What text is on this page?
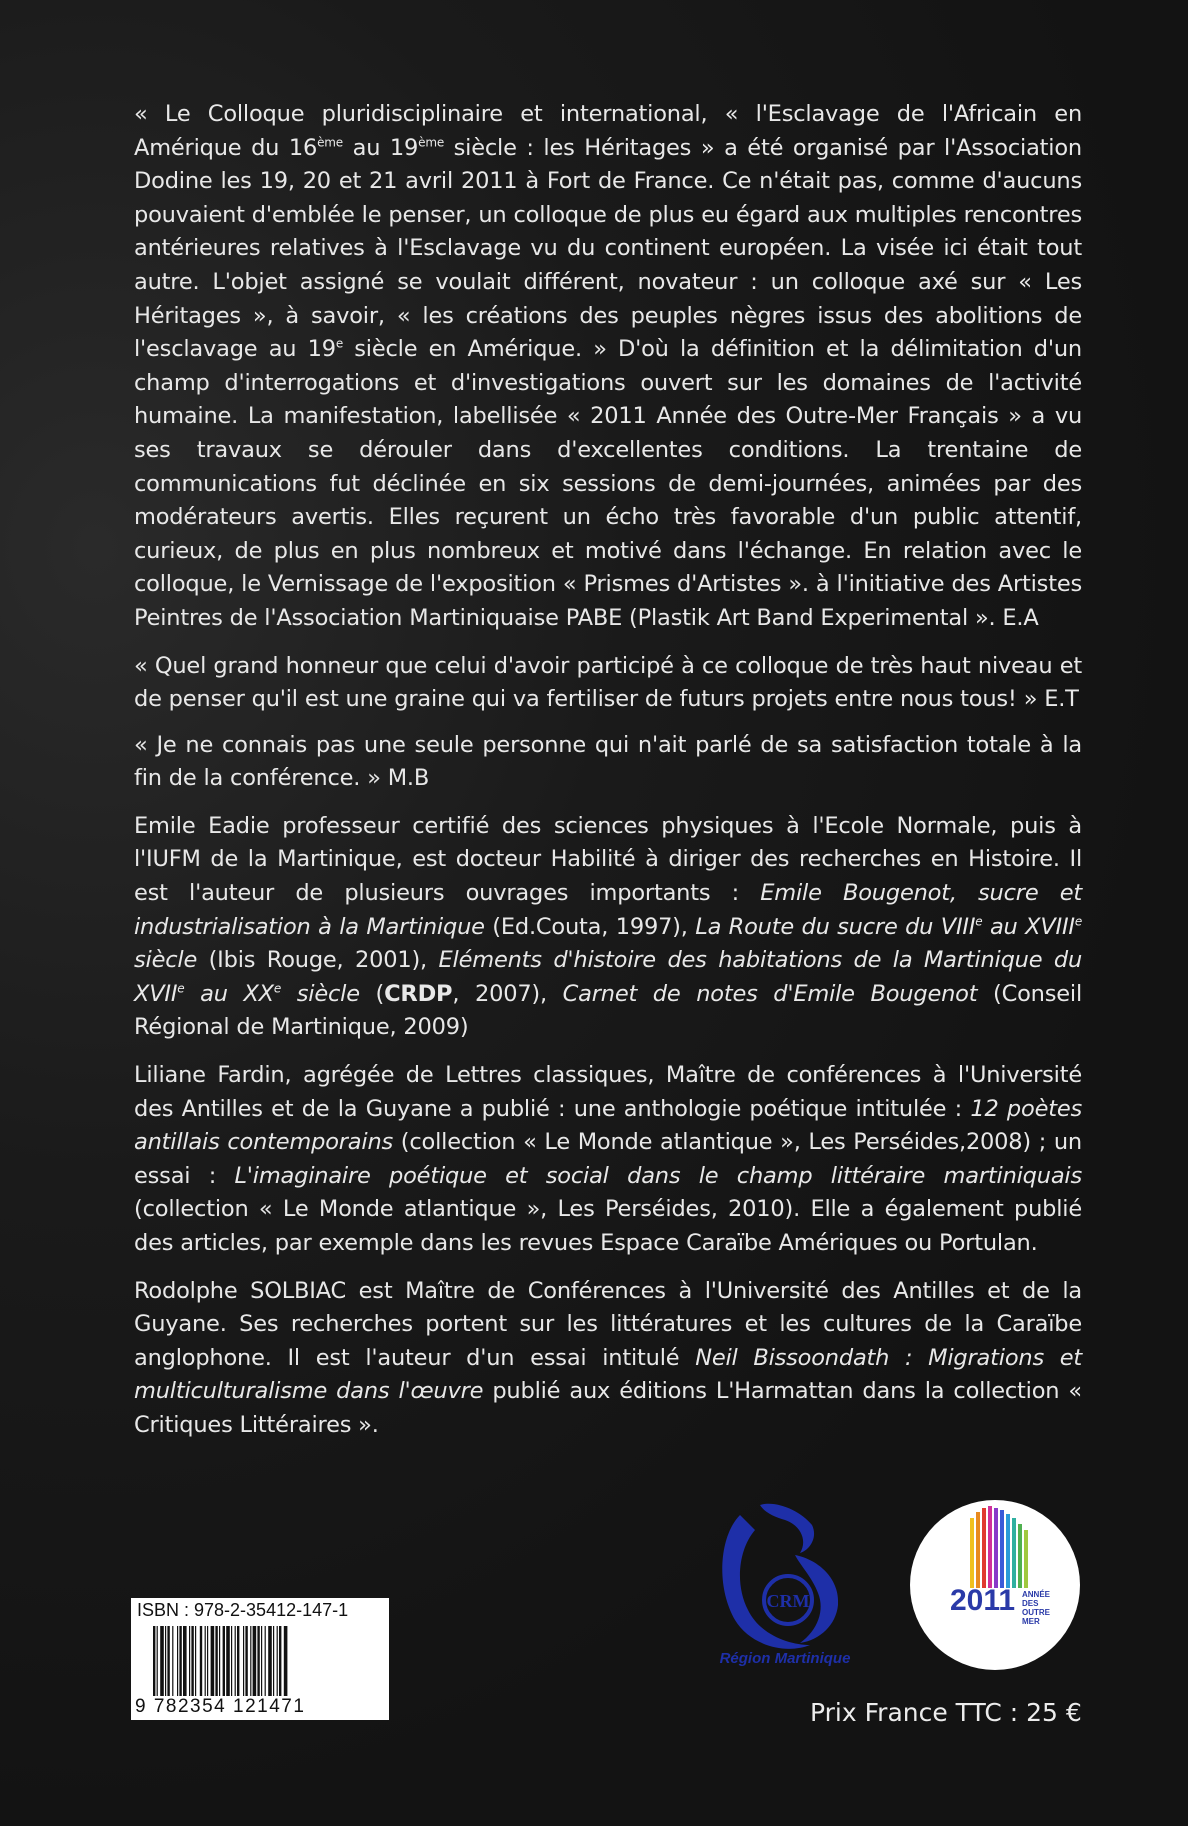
« Le Colloque pluridisciplinaire et international, « l'Esclavage de l'Africain en Amérique du 16ème au 19ème siècle : les Héritages » a été organisé par l'Association Dodine les 19, 20 et 21 avril 2011 à Fort de France. Ce n'était pas, comme d'aucuns pouvaient d'emblée le penser, un colloque de plus eu égard aux multiples rencontres antérieures relatives à l'Esclavage vu du continent européen. La visée ici était tout autre. L'objet assigné se voulait différent, novateur : un colloque axé sur « Les Héritages », à savoir, « les créations des peuples nègres issus des abolitions de l'esclavage au 19e siècle en Amérique. » D'où la définition et la délimitation d'un champ d'interrogations et d'investigations ouvert sur les domaines de l'activité humaine. La manifestation, labellisée « 2011 Année des Outre-Mer Français » a vu ses travaux se dérouler dans d'excellentes conditions. La trentaine de communications fut déclinée en six sessions de demi-journées, animées par des modérateurs avertis. Elles reçurent un écho très favorable d'un public attentif, curieux, de plus en plus nombreux et motivé dans l'échange. En relation avec le colloque, le Vernissage de l'exposition « Prismes d'Artistes ». à l'initiative des Artistes Peintres de l'Association Martiniquaise PABE (Plastik Art Band Experimental ». E.A

« Quel grand honneur que celui d'avoir participé à ce colloque de très haut niveau et de penser qu'il est une graine qui va fertiliser de futurs projets entre nous tous! » E.T

« Je ne connais pas une seule personne qui n'ait parlé de sa satisfaction totale à la fin de la conférence. » M.B

Emile Eadie professeur certifié des sciences physiques à l'Ecole Normale, puis à l'IUFM de la Martinique, est docteur Habilité à diriger des recherches en Histoire. Il est l'auteur de plusieurs ouvrages importants : Emile Bougenot, sucre et industrialisation à la Martinique (Ed.Couta, 1997), La Route du sucre du VIIIe au XVIIIe siècle (Ibis Rouge, 2001), Eléments d'histoire des habitations de la Martinique du XVIIe au XXe siècle (CRDP, 2007), Carnet de notes d'Emile Bougenot (Conseil Régional de Martinique, 2009)

Liliane Fardin, agrégée de Lettres classiques, Maître de conférences à l'Université des Antilles et de la Guyane a publié : une anthologie poétique intitulée : 12 poètes antillais contemporains (collection « Le Monde atlantique », Les Perséides,2008) ; un essai : L'imaginaire poétique et social dans le champ littéraire martiniquais (collection « Le Monde atlantique », Les Perséides, 2010). Elle a également publié des articles, par exemple dans les revues Espace Caraïbe Amériques ou Portulan.

Rodolphe SOLBIAC est Maître de Conférences à l'Université des Antilles et de la Guyane. Ses recherches portent sur les littératures et les cultures de la Caraïbe anglophone. Il est l'auteur d'un essai intitulé Neil Bissoondath : Migrations et multiculturalisme dans l'œuvre publié aux éditions L'Harmattan dans la collection « Critiques Littéraires ».

CRM
Région Martinique
2011 ANNÉE DES OUTRE MER
ISBN : 978-2-35412-147-1
9 782354 121471	Prix France TTC : 25 €
